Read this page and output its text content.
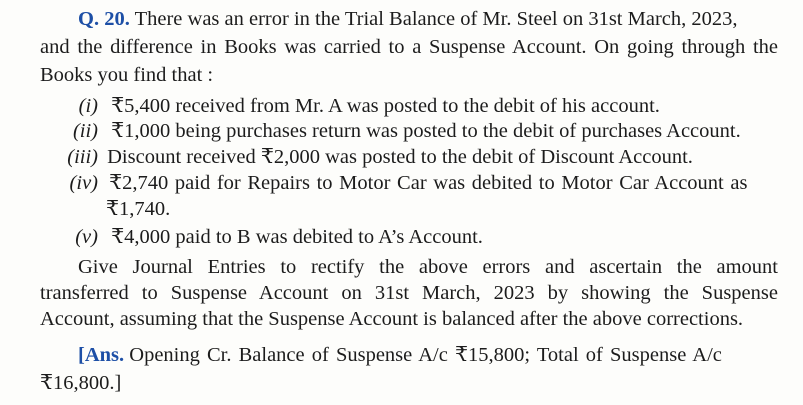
Q. 20. There was an error in the Trial Balance of Mr. Steel on 31st March, 2023,
and the difference in Books was carried to a Suspense Account. On going through the
Books you find that :
(i) ₹5,400 received from Mr. A was posted to the debit of his account.
(ii) ₹1,000 being purchases return was posted to the debit of purchases Account.
(iii) Discount received ₹2,000 was posted to the debit of Discount Account.
(iv) ₹2,740 paid for Repairs to Motor Car was debited to Motor Car Account as
₹1,740.
(v) ₹4,000 paid to B was debited to A’s Account.
Give Journal Entries to rectify the above errors and ascertain the amount
transferred to Suspense Account on 31st March, 2023 by showing the Suspense
Account, assuming that the Suspense Account is balanced after the above corrections.
[Ans. Opening Cr. Balance of Suspense A/c ₹15,800; Total of Suspense A/c
₹16,800.]
